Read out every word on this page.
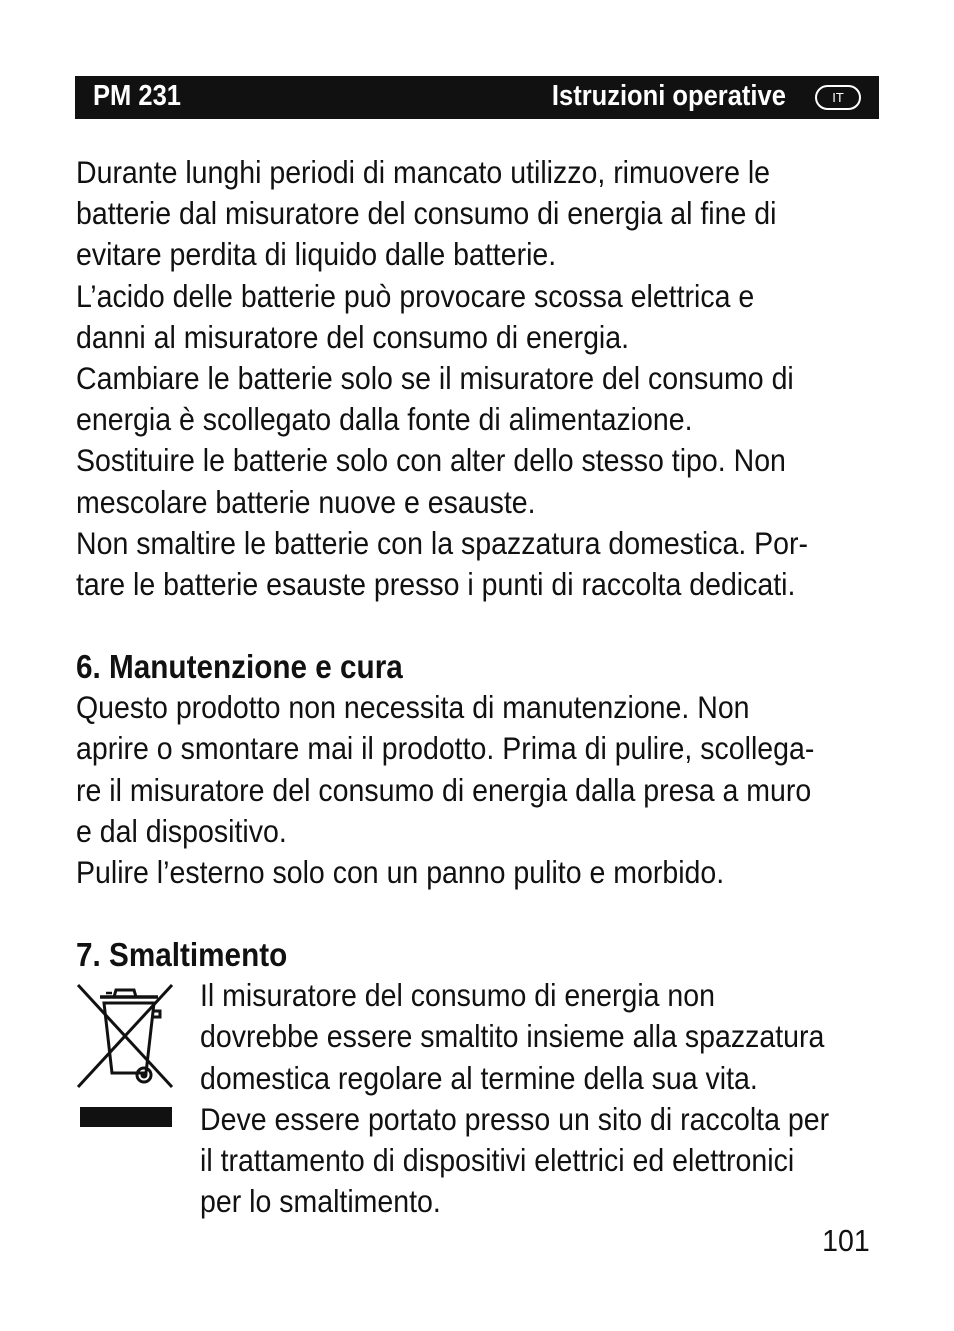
PM 231	Istruzioni operative	IT
Durante lunghi periodi di mancato utilizzo, rimuovere le
batterie dal misuratore del consumo di energia al fine di
evitare perdita di liquido dalle batterie.
L’acido delle batterie può provocare scossa elettrica e
danni al misuratore del consumo di energia.
Cambiare le batterie solo se il misuratore del consumo di
energia è scollegato dalla fonte di alimentazione.
Sostituire le batterie solo con alter dello stesso tipo. Non
mescolare batterie nuove e esauste.
Non smaltire le batterie con la spazzatura domestica. Por-
tare le batterie esauste presso i punti di raccolta dedicati.
6. Manutenzione e cura
Questo prodotto non necessita di manutenzione. Non
aprire o smontare mai il prodotto. Prima di pulire, scollega-
re il misuratore del consumo di energia dalla presa a muro
e dal dispositivo.
Pulire l’esterno solo con un panno pulito e morbido.
7. Smaltimento
Il misuratore del consumo di energia non
dovrebbe essere smaltito insieme alla spazzatura
domestica regolare al termine della sua vita.
Deve essere portato presso un sito di raccolta per
il trattamento di dispositivi elettrici ed elettronici
per lo smaltimento.
101
